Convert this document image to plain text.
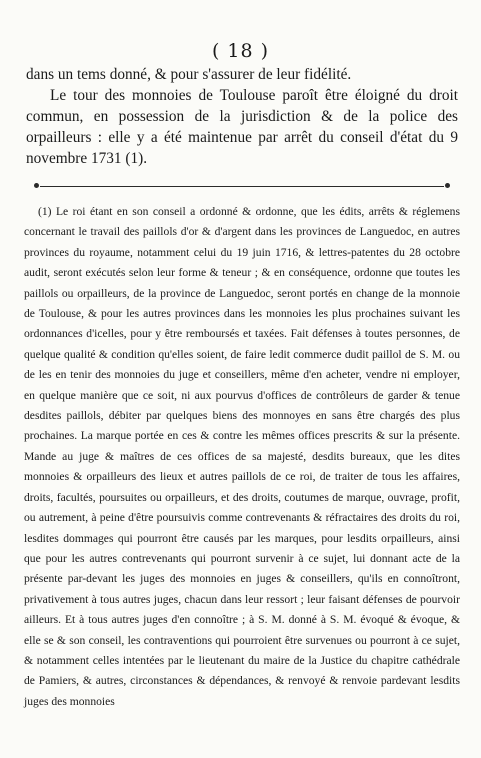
( 18 )

dans un tems donné, & pour s'assurer de leur fidélité.

Le tour des monnoies de Toulouse paroît être éloigné du droit commun, en possession de la jurisdiction & de la police des orpailleurs : elle y a été maintenue par arrêt du conseil d'état du 9 novembre 1731 (1).

(1) Le roi étant en son conseil a ordonné & ordonne, que les édits, arrêts & réglemens concernant le travail des paillols d'or & d'argent dans les provinces de Languedoc, en autres provinces du royaume, notamment celui du 19 juin 1716, & lettres-patentes du 28 octobre audit, seront exécutés selon leur forme & teneur ; & en conséquence, ordonne que toutes les paillols ou orpailleurs, de la province de Languedoc, seront portés en change de la monnoie de Toulouse, & pour les autres provinces dans les monnoies les plus prochaines suivant les ordonnances d'icelles, pour y être remboursés et taxées. Fait défenses à toutes personnes, de quelque qualité & condition qu'elles soient, de faire ledit commerce dudit paillol de S. M. ou de les en tenir des monnoies du juge et conseillers, même d'en acheter, vendre ni employer, en quelque manière que ce soit, ni aux pourvus d'offices de contrôleurs de garder & tenue desdites paillols, débiter par quelques biens des monnoyes en sans être chargés des plus prochaines. La marque portée en ces & contre les mêmes offices prescrits & sur la présente. Mande au juge & maîtres de ces offices de sa majesté, desdits bureaux, que les dites monnoies & orpailleurs des lieux et autres paillols de ce roi, de traiter de tous les affaires, droits, facultés, poursuites ou orpailleurs, et des droits, coutumes de marque, ouvrage, profit, ou autrement, à peine d'être poursuivis comme contrevenants & réfractaires des droits du roi, lesdites dommages qui pourront être causés par les marques, pour lesdits orpailleurs, ainsi que pour les autres contrevenants qui pourront survenir à ce sujet, lui donnant acte de la présente par-devant les juges des monnoies en juges & conseillers, qu'ils en connoîtront, privativement à tous autres juges, chacun dans leur ressort ; leur faisant défenses de pourvoir ailleurs. Et à tous autres juges d'en connoître ; à S. M. donné à S. M. évoqué & évoque, & elle se & son conseil, les contraventions qui pourroient être survenues ou pourront à ce sujet, & notamment celles intentées par le lieutenant du maire de la Justice du chapitre cathédrale de Pamiers, & autres, circonstances & dépendances, & renvoyé & renvoie pardevant lesdits juges des monnoies
